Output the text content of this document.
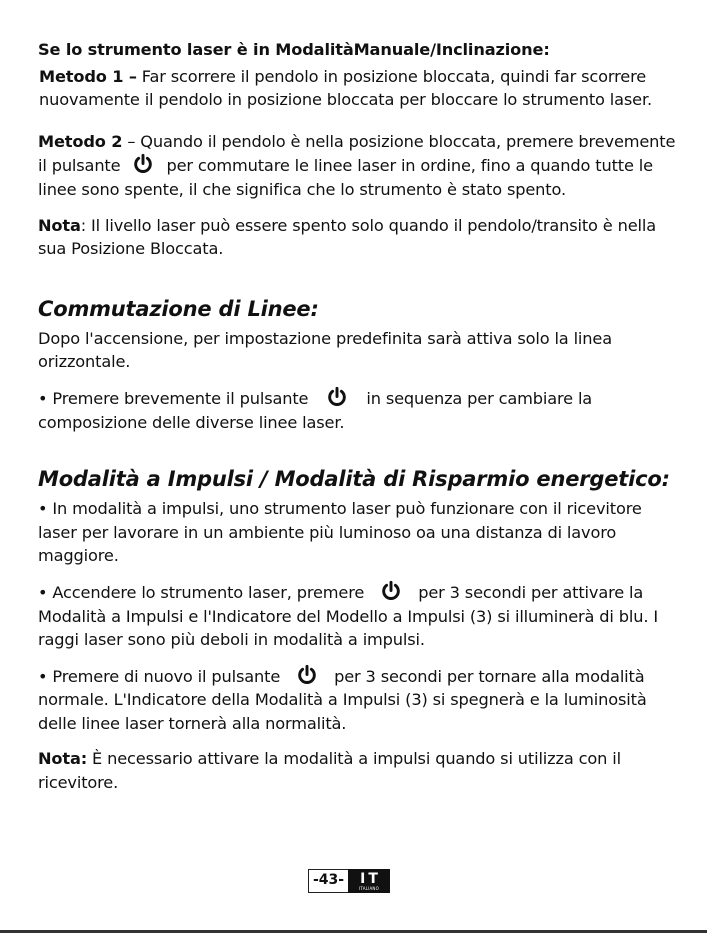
Se lo strumento laser è in ModalitàManuale/Inclinazione:

Metodo 1 – Far scorrere il pendolo in posizione bloccata, quindi far scorrere nuovamente il pendolo in posizione bloccata per bloccare lo strumento laser.

Metodo 2 – Quando il pendolo è nella posizione bloccata, premere brevemente il pulsante	per commutare le linee laser in ordine, fino a quando tutte le linee sono spente, il che significa che lo strumento è stato spento.

Nota: Il livello laser può essere spento solo quando il pendolo/transito è nella sua Posizione Bloccata.

Commutazione di Linee:

Dopo l'accensione, per impostazione predefinita sarà attiva solo la linea orizzontale.

• Premere brevemente il pulsante	in sequenza per cambiare la composizione delle diverse linee laser.

Modalità a Impulsi / Modalità di Risparmio energetico:

• In modalità a impulsi, uno strumento laser può funzionare con il ricevitore laser per lavorare in un ambiente più luminoso oa una distanza di lavoro maggiore.

• Accendere lo strumento laser, premere	per 3 secondi per attivare la Modalità a Impulsi e l'Indicatore del Modello a Impulsi (3) si illuminerà di blu. I raggi laser sono più deboli in modalità a impulsi.

• Premere di nuovo il pulsante	per 3 secondi per tornare alla modalità normale. L'Indicatore della Modalità a Impulsi (3) si spegnerà e la luminosità delle linee laser tornerà alla normalità.

Nota: È necessario attivare la modalità a impulsi quando si utilizza con il ricevitore.

-43- IT
ITALIANO
